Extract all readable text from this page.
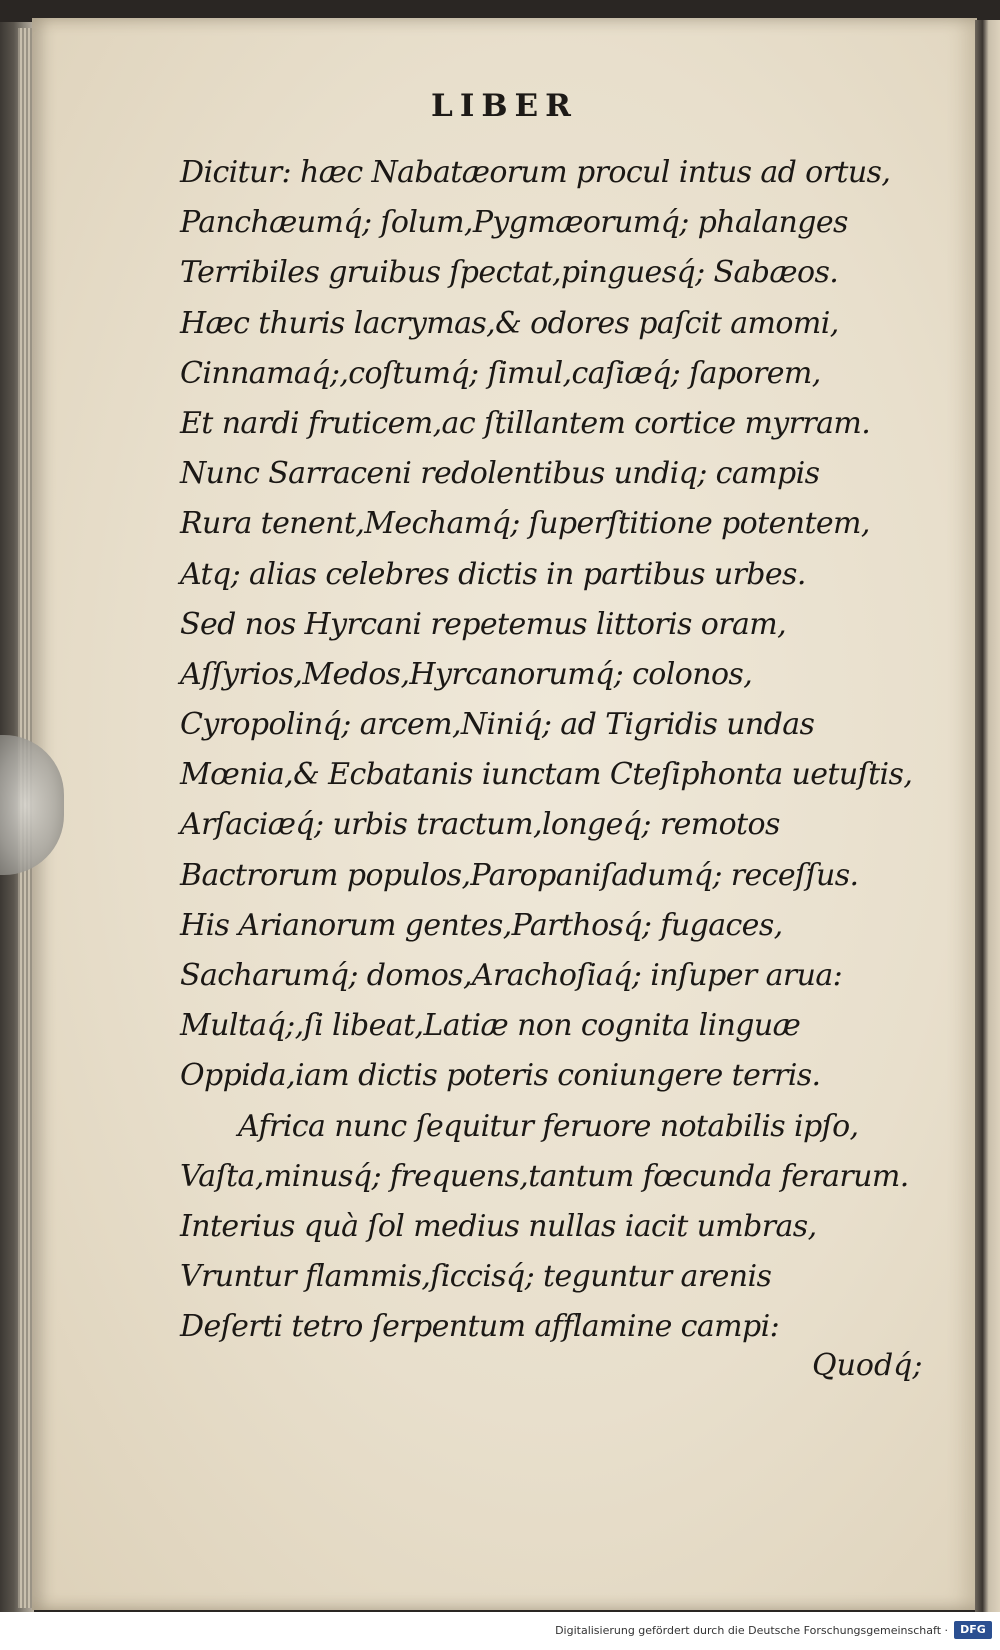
LIBER
Dicitur: hæc Nabatæorum procul intus ad ortus,
Panchæumq́; ſolum,Pygmæorumq́; phalanges
Terribiles gruibus ſpectat,pinguesq́; Sabæos.
Hæc thuris lacrymas,& odores paſcit amomi,
Cinnamaq́;,coſtumq́; ſimul,caſiæq́; ſaporem,
Et nardi fruticem,ac ſtillantem cortice myrram.
Nunc Sarraceni redolentibus undiq; campis
Rura tenent,Mechamq́; ſuperſtitione potentem,
Atq; alias celebres dictis in partibus urbes.
Sed nos Hyrcani repetemus littoris oram,
Aſſyrios,Medos,Hyrcanorumq́; colonos,
Cyropolinq́; arcem,Niniq́; ad Tigridis undas
Mœnia,& Ecbatanis iunctam Cteſiphonta uetuſtis,
Arſaciæq́; urbis tractum,longeq́; remotos
Bactrorum populos,Paropaniſadumq́; receſſus.
His Arianorum gentes,Parthosq́; fugaces,
Sacharumq́; domos,Arachoſiaq́; inſuper arua:
Multaq́;,ſi libeat,Latiæ non cognita linguæ
Oppida,iam dictis poteris coniungere terris.
Africa nunc ſequitur feruore notabilis ipſo,
Vaſta,minusq́; frequens,tantum fœcunda ferarum.
Interius quà ſol medius nullas iacit umbras,
Vruntur flammis,ſiccisq́; teguntur arenis
Deſerti tetro ſerpentum afflamine campi:
Quodq́;
Digitalisierung gefördert durch die Deutsche Forschungsgemeinschaft ·	DFG
